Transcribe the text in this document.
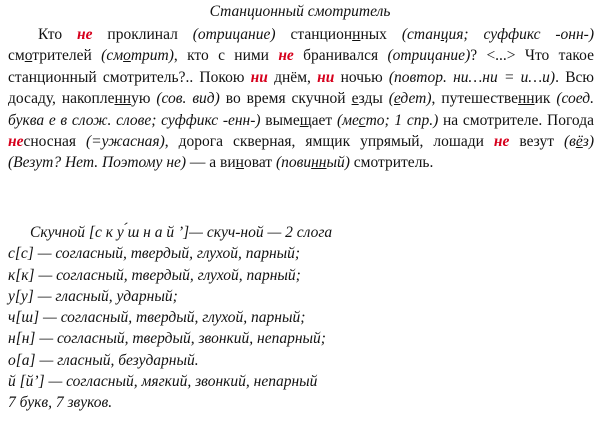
Станционный смотритель
Кто не проклинал (отрицание) станционнных (станция; суффикс -онн-) смотрителей (смотрит), кто с ними не бранивался (отрицание)? <...> Что такое станционный смотритель?.. Покою ни днём, ни ночью (повтор. ни…ни = и…и). Всю досаду, накопленную (сов. вид) во время скучной езды (едет), путешественник (соед. буква е в слож. слове; суффикс -енн-) вымещает (место; 1 спр.) на смотрителе. Погода несносная (=ужасная), дорога скверная, ямщик упрямый, лошади не везут (вёз) (Везут? Нет. Поэтому не) — а виноват (повинный) смотритель.
Скучной [с к у ́ш н а й ’]— скуч-ной — 2 слога
с[с] — согласный, твердый, глухой, парный;
к[к] — согласный, твердый, глухой, парный;
у[у] — гласный, ударный;
ч[ш] — согласный, твердый, глухой, парный;
н[н] — согласный, твердый, звонкий, непарный;
о[а] — гласный, безударный.
й [й’] — согласный, мягкий, звонкий, непарный
7 букв, 7 звуков.
